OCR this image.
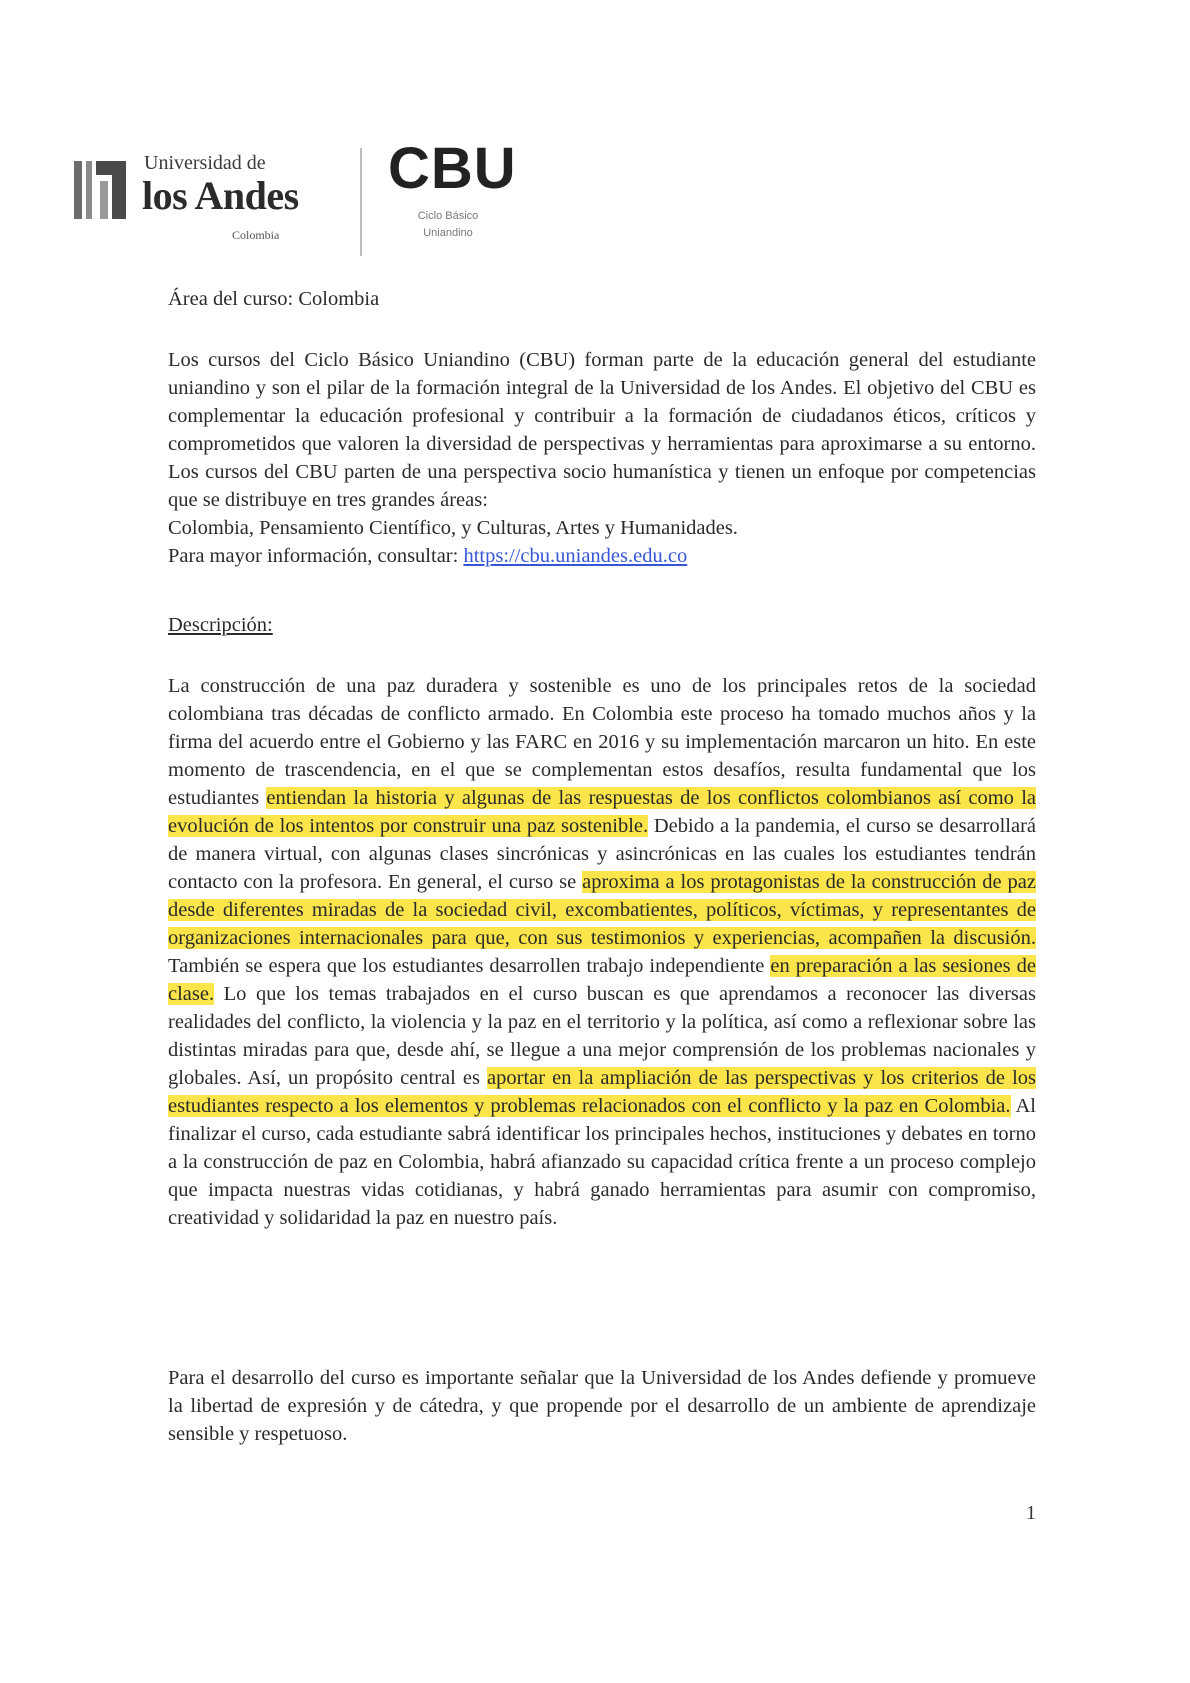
Universidad de
los Andes
Colombia
CBU
Ciclo Básico
Uniandino
Área del curso: Colombia
Los cursos del Ciclo Básico Uniandino (CBU) forman parte de la educación general del estudiante uniandino y son el pilar de la formación integral de la Universidad de los Andes. El objetivo del CBU es complementar la educación profesional y contribuir a la formación de ciudadanos éticos, críticos y comprometidos que valoren la diversidad de perspectivas y herramientas para aproximarse a su entorno. Los cursos del CBU parten de una perspectiva socio humanística y tienen un enfoque por competencias que se distribuye en tres grandes áreas:
Colombia, Pensamiento Científico, y Culturas, Artes y Humanidades.
Para mayor información, consultar: https://cbu.uniandes.edu.co
Descripción:
La construcción de una paz duradera y sostenible es uno de los principales retos de la sociedad colombiana tras décadas de conflicto armado. En Colombia este proceso ha tomado muchos años y la firma del acuerdo entre el Gobierno y las FARC en 2016 y su implementación marcaron un hito. En este momento de trascendencia, en el que se complementan estos desafíos, resulta fundamental que los estudiantes entiendan la historia y algunas de las respuestas de los conflictos colombianos así como la evolución de los intentos por construir una paz sostenible. Debido a la pandemia, el curso se desarrollará de manera virtual, con algunas clases sincrónicas y asincrónicas en las cuales los estudiantes tendrán contacto con la profesora. En general, el curso se aproxima a los protagonistas de la construcción de paz desde diferentes miradas de la sociedad civil, excombatientes, políticos, víctimas, y representantes de organizaciones internacionales para que, con sus testimonios y experiencias, acompañen la discusión. También se espera que los estudiantes desarrollen trabajo independiente en preparación a las sesiones de clase. Lo que los temas trabajados en el curso buscan es que aprendamos a reconocer las diversas realidades del conflicto, la violencia y la paz en el territorio y la política, así como a reflexionar sobre las distintas miradas para que, desde ahí, se llegue a una mejor comprensión de los problemas nacionales y globales. Así, un propósito central es aportar en la ampliación de las perspectivas y los criterios de los estudiantes respecto a los elementos y problemas relacionados con el conflicto y la paz en Colombia. Al finalizar el curso, cada estudiante sabrá identificar los principales hechos, instituciones y debates en torno a la construcción de paz en Colombia, habrá afianzado su capacidad crítica frente a un proceso complejo que impacta nuestras vidas cotidianas, y habrá ganado herramientas para asumir con compromiso, creatividad y solidaridad la paz en nuestro país.
Para el desarrollo del curso es importante señalar que la Universidad de los Andes defiende y promueve la libertad de expresión y de cátedra, y que propende por el desarrollo de un ambiente de aprendizaje sensible y respetuoso.
1
